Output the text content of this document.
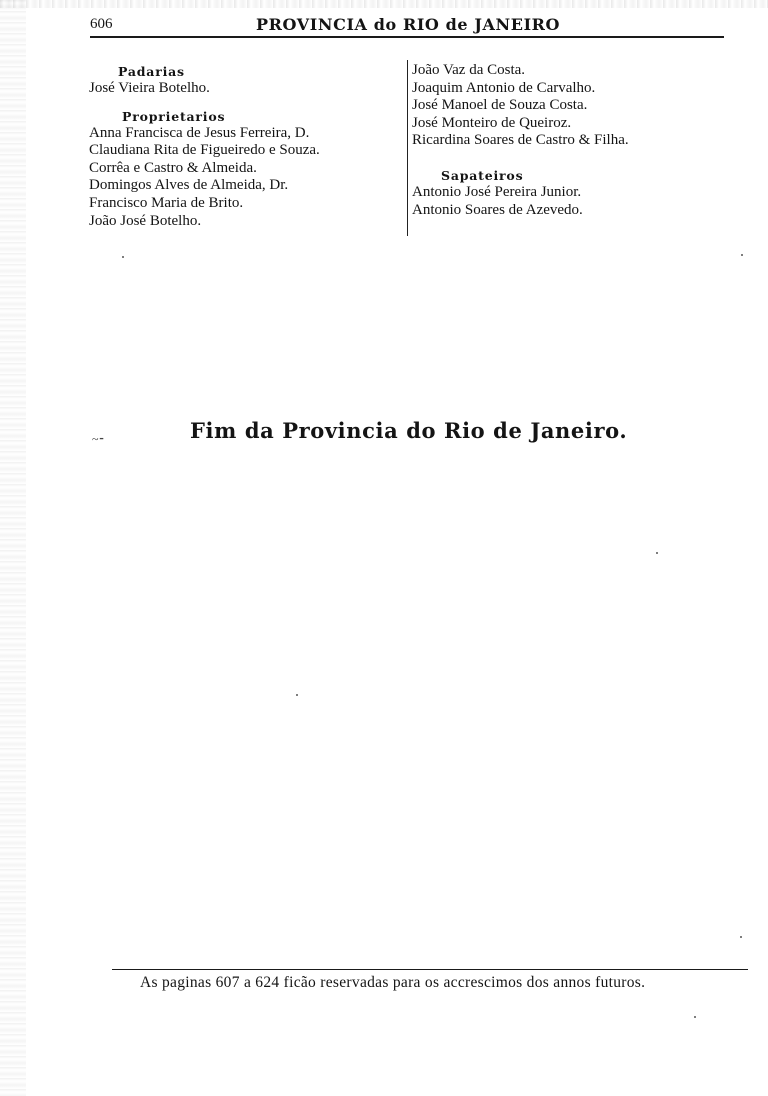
606	PROVINCIA do RIO de JANEIRO
Padarias
José Vieira Botelho.
Proprietarios
Anna Francisca de Jesus Ferreira, D.
Claudiana Rita de Figueiredo e Souza.
Corrêa e Castro & Almeida.
Domingos Alves de Almeida, Dr.
Francisco Maria de Brito.
João José Botelho.
João Vaz da Costa.
Joaquim Antonio de Carvalho.
José Manoel de Souza Costa.
José Monteiro de Queiroz.
Ricardina Soares de Castro & Filha.
Sapateiros
Antonio José Pereira Junior.
Antonio Soares de Azevedo.
~⁃	Fim da Provincia do Rio de Janeiro.
As paginas 607 a 624 ficão reservadas para os accrescimos dos annos futuros.
